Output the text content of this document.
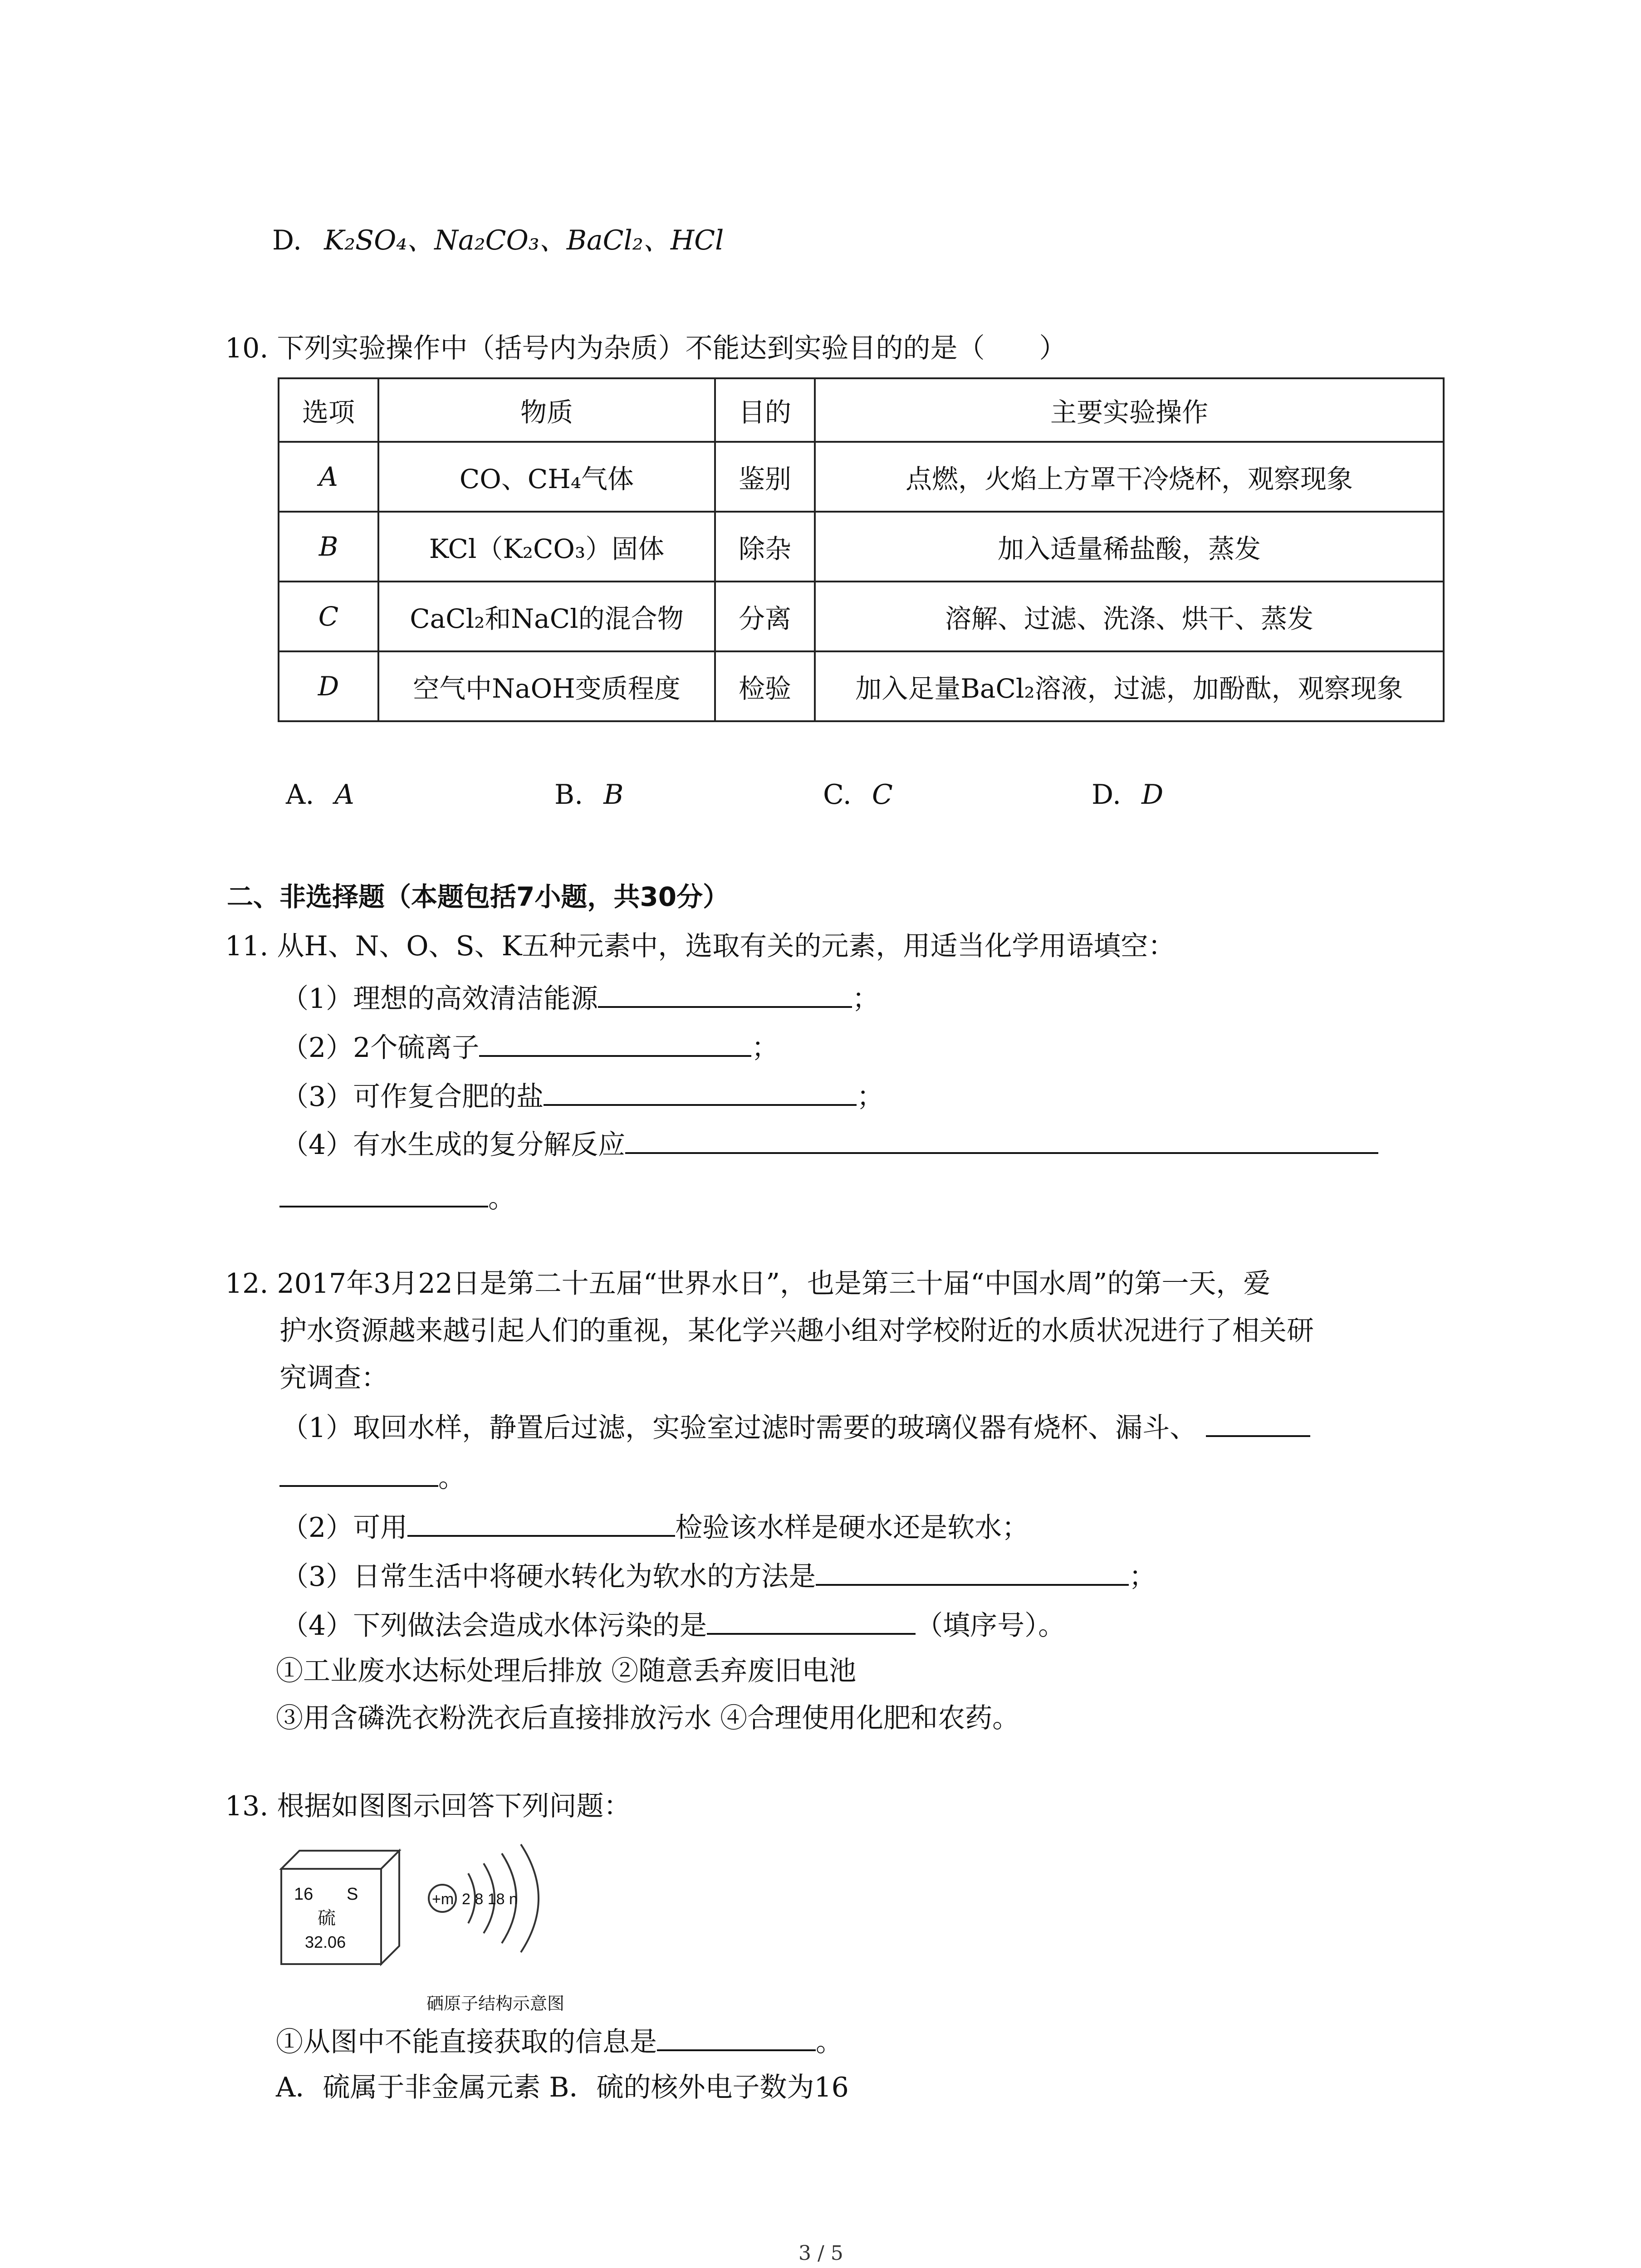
D. K₂SO₄、Na₂CO₃、BaCl₂、HCl
10. 下列实验操作中（括号内为杂质）不能达到实验目的的是（　　）
选项	物质	目的	主要实验操作
A	CO、CH₄气体	鉴别	点燃，火焰上方罩干冷烧杯，观察现象
B	KCl（K₂CO₃）固体	除杂	加入适量稀盐酸，蒸发
C	CaCl₂和NaCl的混合物	分离	溶解、过滤、洗涤、烘干、蒸发
D	空气中NaOH变质程度	检验	加入足量BaCl₂溶液，过滤，加酚酞，观察现象
A. A	B. B	C. C	D. D
二、非选择题（本题包括7小题，共30分）
11. 从H、N、O、S、K五种元素中，选取有关的元素，用适当化学用语填空：
（1）理想的高效清洁能源	；
（2）2个硫离子	；
（3）可作复合肥的盐	；
（4）有水生成的复分解反应
。
12. 2017年3月22日是第二十五届“世界水日”，也是第三十届“中国水周”的第一天，爱
护水资源越来越引起人们的重视，某化学兴趣小组对学校附近的水质状况进行了相关研
究调查：
（1）取回水样，静置后过滤，实验室过滤时需要的玻璃仪器有烧杯、漏斗、
。
（2）可用	检验该水样是硬水还是软水；
（3）日常生活中将硬水转化为软水的方法是	；
（4）下列做法会造成水体污染的是	（填序号）。
①工业废水达标处理后排放 ②随意丢弃废旧电池
③用含磷洗衣粉洗衣后直接排放污水 ④合理使用化肥和农药。
13. 根据如图图示回答下列问题：
16 S
硫
32.06
+m 2 8 18 n
硒原子结构示意图
①从图中不能直接获取的信息是	。
A．硫属于非金属元素 B．硫的核外电子数为16
3 / 5
